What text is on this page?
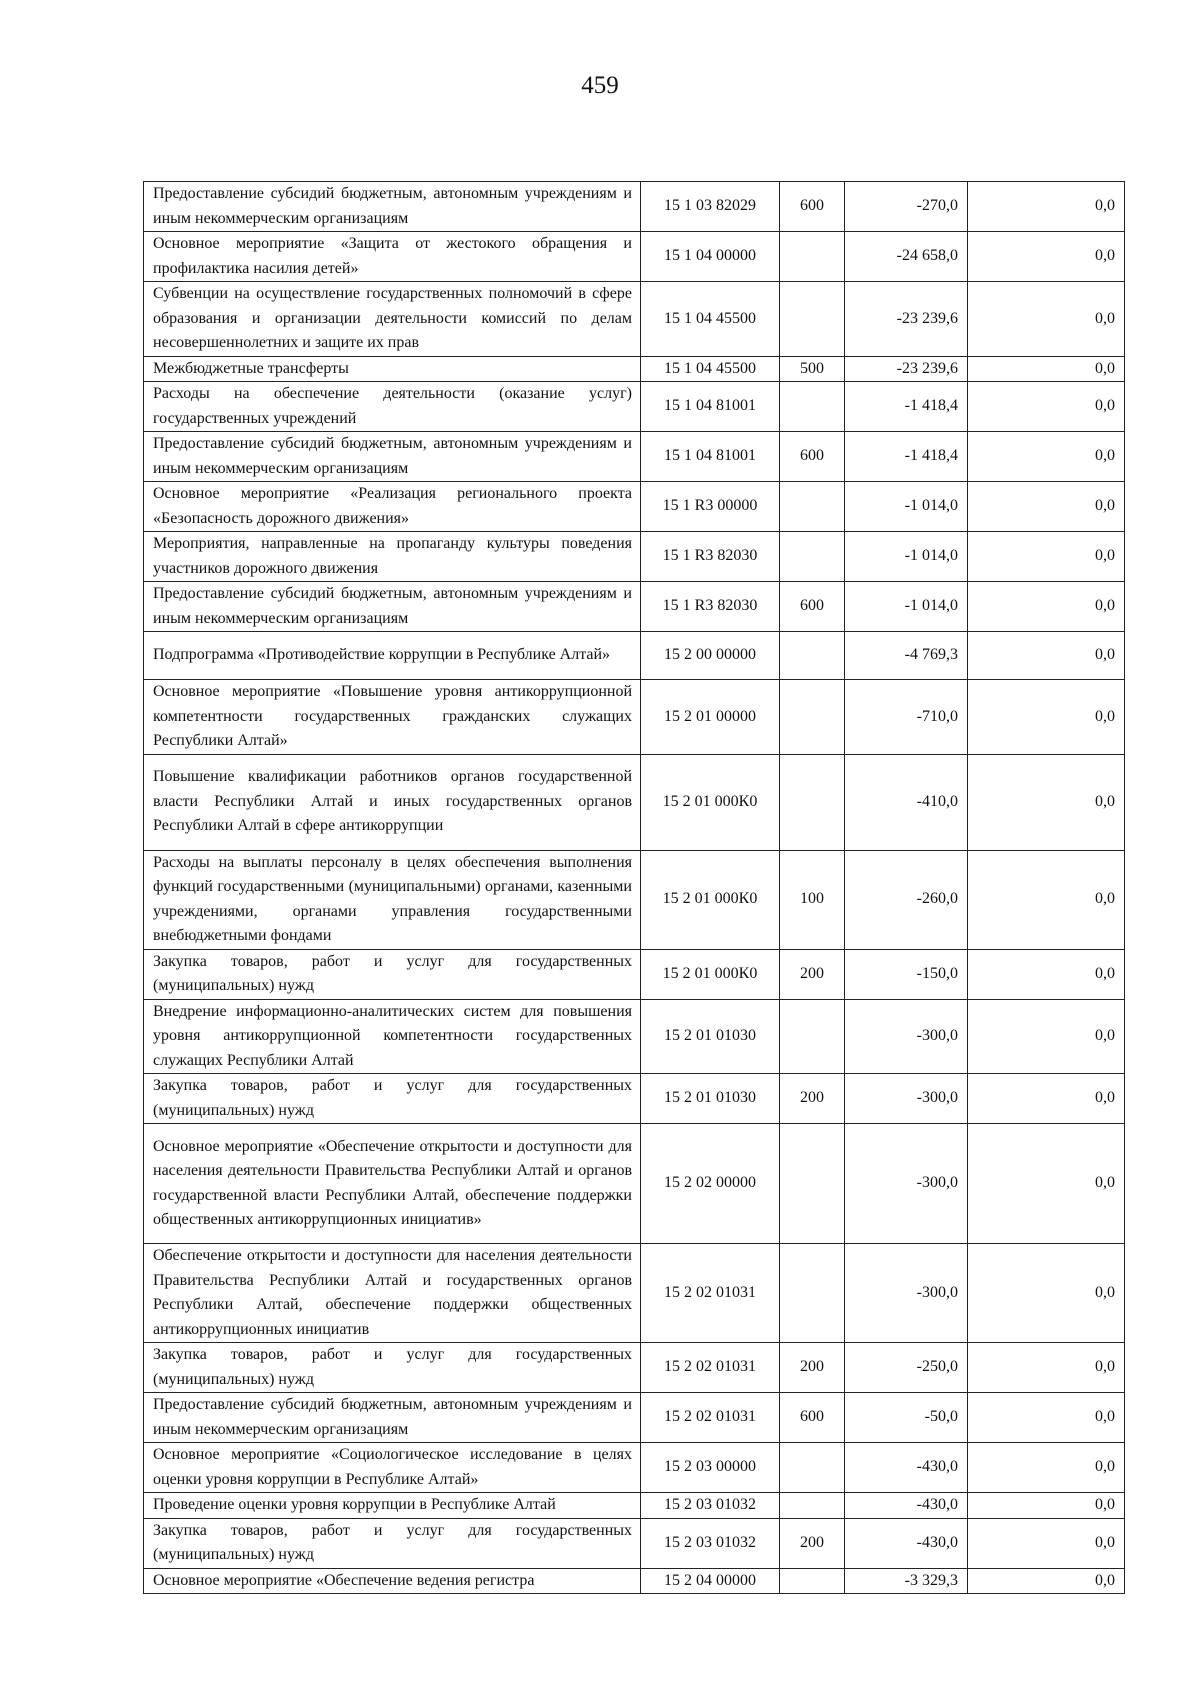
459
Предоставление субсидий бюджетным, автономным учреждениям и иным некоммерческим организациям	15 1 03 82029	600	-270,0	0,0
Основное мероприятие «Защита от жестокого обращения и профилактика насилия детей»	15 1 04 00000		-24 658,0	0,0
Субвенции на осуществление государственных полномочий в сфере образования и организации деятельности комиссий по делам несовершеннолетних и защите их прав	15 1 04 45500		-23 239,6	0,0
Межбюджетные трансферты	15 1 04 45500	500	-23 239,6	0,0
Расходы на обеспечение деятельности (оказание услуг) государственных учреждений	15 1 04 81001		-1 418,4	0,0
Предоставление субсидий бюджетным, автономным учреждениям и иным некоммерческим организациям	15 1 04 81001	600	-1 418,4	0,0
Основное мероприятие «Реализация регионального проекта «Безопасность дорожного движения»	15 1 R3 00000		-1 014,0	0,0
Мероприятия, направленные на пропаганду культуры поведения участников дорожного движения	15 1 R3 82030		-1 014,0	0,0
Предоставление субсидий бюджетным, автономным учреждениям и иным некоммерческим организациям	15 1 R3 82030	600	-1 014,0	0,0
Подпрограмма «Противодействие коррупции в Республике Алтай»	15 2 00 00000		-4 769,3	0,0
Основное мероприятие «Повышение уровня антикоррупционной компетентности государственных гражданских служащих Республики Алтай»	15 2 01 00000		-710,0	0,0
Повышение квалификации работников органов государственной власти Республики Алтай и иных государственных органов Республики Алтай в сфере антикоррупции	15 2 01 000К0		-410,0	0,0
Расходы на выплаты персоналу в целях обеспечения выполнения функций государственными (муниципальными) органами, казенными учреждениями, органами управления государственными внебюджетными фондами	15 2 01 000К0	100	-260,0	0,0
Закупка товаров, работ и услуг для государственных (муниципальных) нужд	15 2 01 000К0	200	-150,0	0,0
Внедрение информационно-аналитических систем для повышения уровня антикоррупционной компетентности государственных служащих Республики Алтай	15 2 01 01030		-300,0	0,0
Закупка товаров, работ и услуг для государственных (муниципальных) нужд	15 2 01 01030	200	-300,0	0,0
Основное мероприятие «Обеспечение открытости и доступности для населения деятельности Правительства Республики Алтай и органов государственной власти Республики Алтай, обеспечение поддержки общественных антикоррупционных инициатив»	15 2 02 00000		-300,0	0,0
Обеспечение открытости и доступности для населения деятельности Правительства Республики Алтай и государственных органов Республики Алтай, обеспечение поддержки общественных антикоррупционных инициатив	15 2 02 01031		-300,0	0,0
Закупка товаров, работ и услуг для государственных (муниципальных) нужд	15 2 02 01031	200	-250,0	0,0
Предоставление субсидий бюджетным, автономным учреждениям и иным некоммерческим организациям	15 2 02 01031	600	-50,0	0,0
Основное мероприятие «Социологическое исследование в целях оценки уровня коррупции в Республике Алтай»	15 2 03 00000		-430,0	0,0
Проведение оценки уровня коррупции в Республике Алтай	15 2 03 01032		-430,0	0,0
Закупка товаров, работ и услуг для государственных (муниципальных) нужд	15 2 03 01032	200	-430,0	0,0
Основное мероприятие «Обеспечение ведения регистра	15 2 04 00000		-3 329,3	0,0
